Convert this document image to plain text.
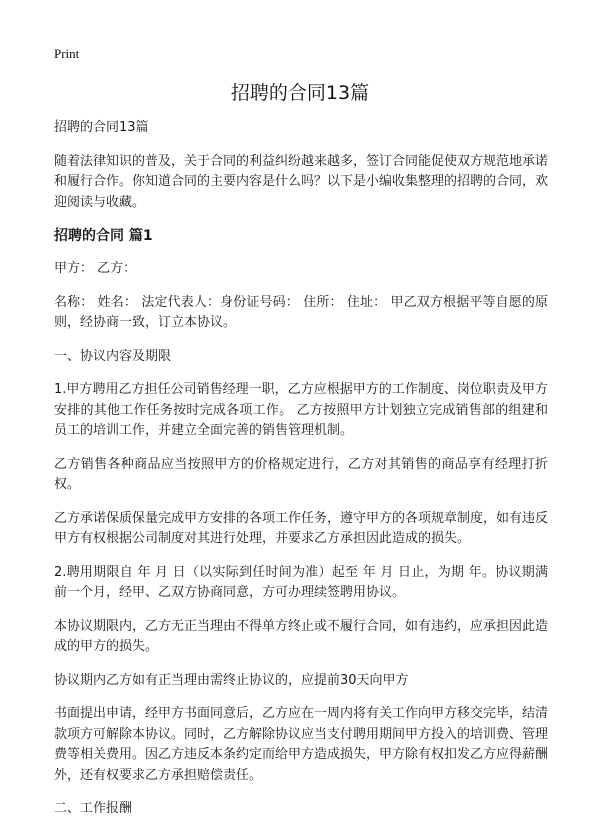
Print
招聘的合同13篇

招聘的合同13篇

随着法律知识的普及，关于合同的利益纠纷越来越多，签订合同能促使双方规范地承诺和履行合作。你知道合同的主要内容是什么吗？以下是小编收集整理的招聘的合同，欢迎阅读与收藏。

招聘的合同 篇1

甲方： 乙方：

名称： 姓名： 法定代表人：身份证号码： 住所： 住址： 甲乙双方根据平等自愿的原则，经协商一致，订立本协议。

一、协议内容及期限

1.甲方聘用乙方担任公司销售经理一职，乙方应根据甲方的工作制度、岗位职责及甲方安排的其他工作任务按时完成各项工作。 乙方按照甲方计划独立完成销售部的组建和员工的培训工作，并建立全面完善的销售管理机制。

乙方销售各种商品应当按照甲方的价格规定进行，乙方对其销售的商品享有经理打折权。

乙方承诺保质保量完成甲方安排的各项工作任务，遵守甲方的各项规章制度，如有违反甲方有权根据公司制度对其进行处理，并要求乙方承担因此造成的损失。

2.聘用期限自 年 月 日（以实际到任时间为准）起至 年 月 日止，为期 年。协议期满前一个月，经甲、乙双方协商同意，方可办理续签聘用协议。

本协议期限内，乙方无正当理由不得单方终止或不履行合同，如有违约，应承担因此造成的甲方的损失。

协议期内乙方如有正当理由需终止协议的，应提前30天向甲方

书面提出申请，经甲方书面同意后，乙方应在一周内将有关工作向甲方移交完毕，结清款项方可解除本协议。同时，乙方解除协议应当支付聘用期间甲方投入的培训费、管理费等相关费用。因乙方违反本条约定而给甲方造成损失，甲方除有权扣发乙方应得薪酬外，还有权要求乙方承担赔偿责任。

二、工作报酬
